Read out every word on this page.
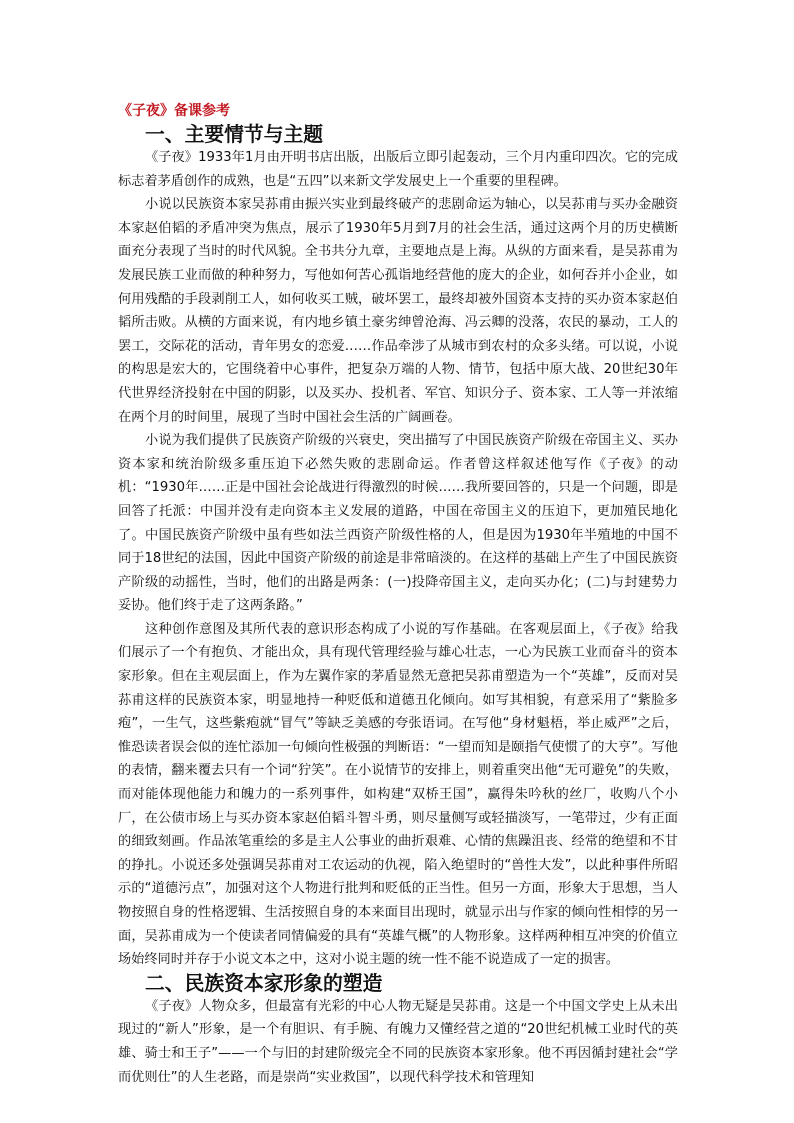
《子夜》备课参考
一、主要情节与主题

《子夜》1933年1月由开明书店出版，出版后立即引起轰动，三个月内重印四次。它的完成标志着茅盾创作的成熟，也是“五四”以来新文学发展史上一个重要的里程碑。

小说以民族资本家吴荪甫由振兴实业到最终破产的悲剧命运为轴心，以吴荪甫与买办金融资本家赵伯韬的矛盾冲突为焦点，展示了1930年5月到7月的社会生活，通过这两个月的历史横断面充分表现了当时的时代风貌。全书共分九章，主要地点是上海。从纵的方面来看，是吴荪甫为发展民族工业而做的种种努力，写他如何苦心孤诣地经营他的庞大的企业，如何吞并小企业，如何用残酷的手段剥削工人，如何收买工贼，破坏罢工，最终却被外国资本支持的买办资本家赵伯韬所击败。从横的方面来说，有内地乡镇土豪劣绅曾沧海、冯云卿的没落，农民的暴动，工人的罢工，交际花的活动，青年男女的恋爱……作品牵涉了从城市到农村的众多头绪。可以说，小说的构思是宏大的，它围绕着中心事件，把复杂万端的人物、情节，包括中原大战、20世纪30年代世界经济投射在中国的阴影，以及买办、投机者、军官、知识分子、资本家、工人等一并浓缩在两个月的时间里，展现了当时中国社会生活的广阔画卷。

小说为我们提供了民族资产阶级的兴衰史，突出描写了中国民族资产阶级在帝国主义、买办资本家和统治阶级多重压迫下必然失败的悲剧命运。作者曾这样叙述他写作《子夜》的动机：“1930年……正是中国社会论战进行得激烈的时候……我所要回答的，只是一个问题，即是回答了托派：中国并没有走向资本主义发展的道路，中国在帝国主义的压迫下，更加殖民地化了。中国民族资产阶级中虽有些如法兰西资产阶级性格的人，但是因为1930年半殖地的中国不同于18世纪的法国，因此中国资产阶级的前途是非常暗淡的。在这样的基础上产生了中国民族资产阶级的动摇性，当时，他们的出路是两条：(一)投降帝国主义，走向买办化；(二)与封建势力妥协。他们终于走了这两条路。”

这种创作意图及其所代表的意识形态构成了小说的写作基础。在客观层面上，《子夜》给我们展示了一个有抱负、才能出众，具有现代管理经验与雄心壮志，一心为民族工业而奋斗的资本家形象。但在主观层面上，作为左翼作家的茅盾显然无意把吴荪甫塑造为一个“英雄”，反而对吴荪甫这样的民族资本家，明显地持一种贬低和道德丑化倾向。如写其相貌，有意采用了“紫脸多疱”，一生气，这些紫疱就“冒气”等缺乏美感的夸张语词。在写他“身材魁梧，举止威严”之后，惟恐读者误会似的连忙添加一句倾向性极强的判断语：“一望而知是颐指气使惯了的大亨”。写他的表情，翻来覆去只有一个词“狞笑”。在小说情节的安排上，则着重突出他“无可避免”的失败，而对能体现他能力和魄力的一系列事件，如构建“双桥王国”，赢得朱吟秋的丝厂，收购八个小厂，在公债市场上与买办资本家赵伯韬斗智斗勇，则尽量侧写或轻描淡写，一笔带过，少有正面的细致刻画。作品浓笔重绘的多是主人公事业的曲折艰难、心情的焦躁沮丧、经常的绝望和不甘的挣扎。小说还多处强调吴荪甫对工农运动的仇视，陷入绝望时的“兽性大发”，以此种事件所昭示的“道德污点”，加强对这个人物进行批判和贬低的正当性。但另一方面，形象大于思想，当人物按照自身的性格逻辑、生活按照自身的本来面目出现时，就显示出与作家的倾向性相悖的另一面，吴荪甫成为一个使读者同情偏爱的具有“英雄气概”的人物形象。这样两种相互冲突的价值立场始终同时并存于小说文本之中，这对小说主题的统一性不能不说造成了一定的损害。

二、民族资本家形象的塑造

《子夜》人物众多，但最富有光彩的中心人物无疑是吴荪甫。这是一个中国文学史上从未出现过的“新人”形象，是一个有胆识、有手腕、有魄力又懂经营之道的“20世纪机械工业时代的英雄、骑士和王子”——一个与旧的封建阶级完全不同的民族资本家形象。他不再因循封建社会“学而优则仕”的人生老路，而是崇尚“实业救国”，以现代科学技术和管理知
